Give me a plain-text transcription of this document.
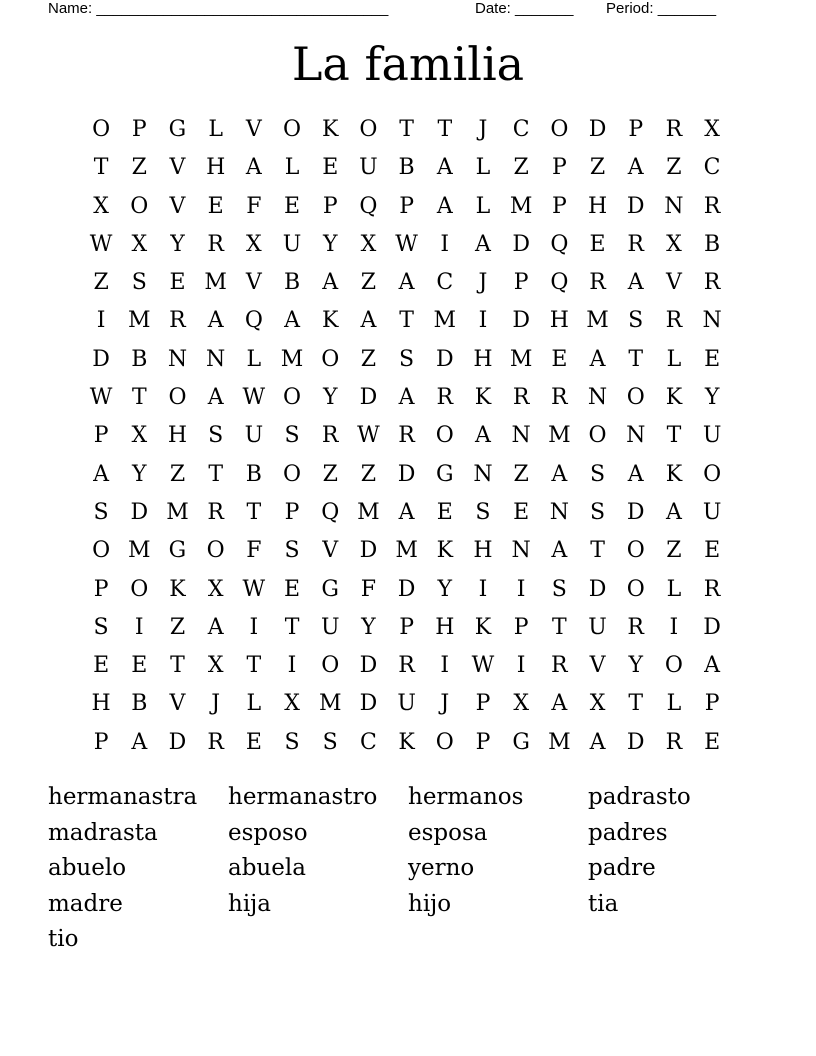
Name: ___________________________________	Date: _______ Period: _______
La familia
O P G	L	V O K O T	T	J	C O D P	R	X
T	Z	V H A	L	E U B	A	L	Z	P	Z	A	Z	C
X O V	E	F	E	P Q P	A	L M P H D N R
W X	Y	R	X U Y	X W	I	A D Q E R	X	B
Z	S	E M V	B	A	Z	A C	J	P Q R A	V R
I	M R A Q A	K	A	T M	I	D H M S	R N
D B N N L M O Z	S D H M E	A	T	L	E
W T O A W O Y	D A R K R R N O K	Y
P	X H S U S	R W R O A N M O N T U
A	Y	Z	T	B O Z	Z D G N Z	A	S	A	K O
S D M R	T	P Q M A	E	S	E N S D A U
O M G O F	S	V D M K H N A	T O Z	E
P O K	X W E G F D	Y	I	I	S D O L	R
S	I	Z	A	I	T U Y	P H K	P	T U R	I	D
E	E	T	X	T	I	O D R	I	W	I	R V	Y O A
H B	V	J	L	X M D U	J	P	X	A	X	T	L	P
P	A D R E	S	S	C K O P G M A D R E
hermanastra	hermanastro	hermanos	padrasto
madrasta	esposo	esposa	padres
abuelo	abuela	yerno	padre
madre	hija	hijo	tia
tio
